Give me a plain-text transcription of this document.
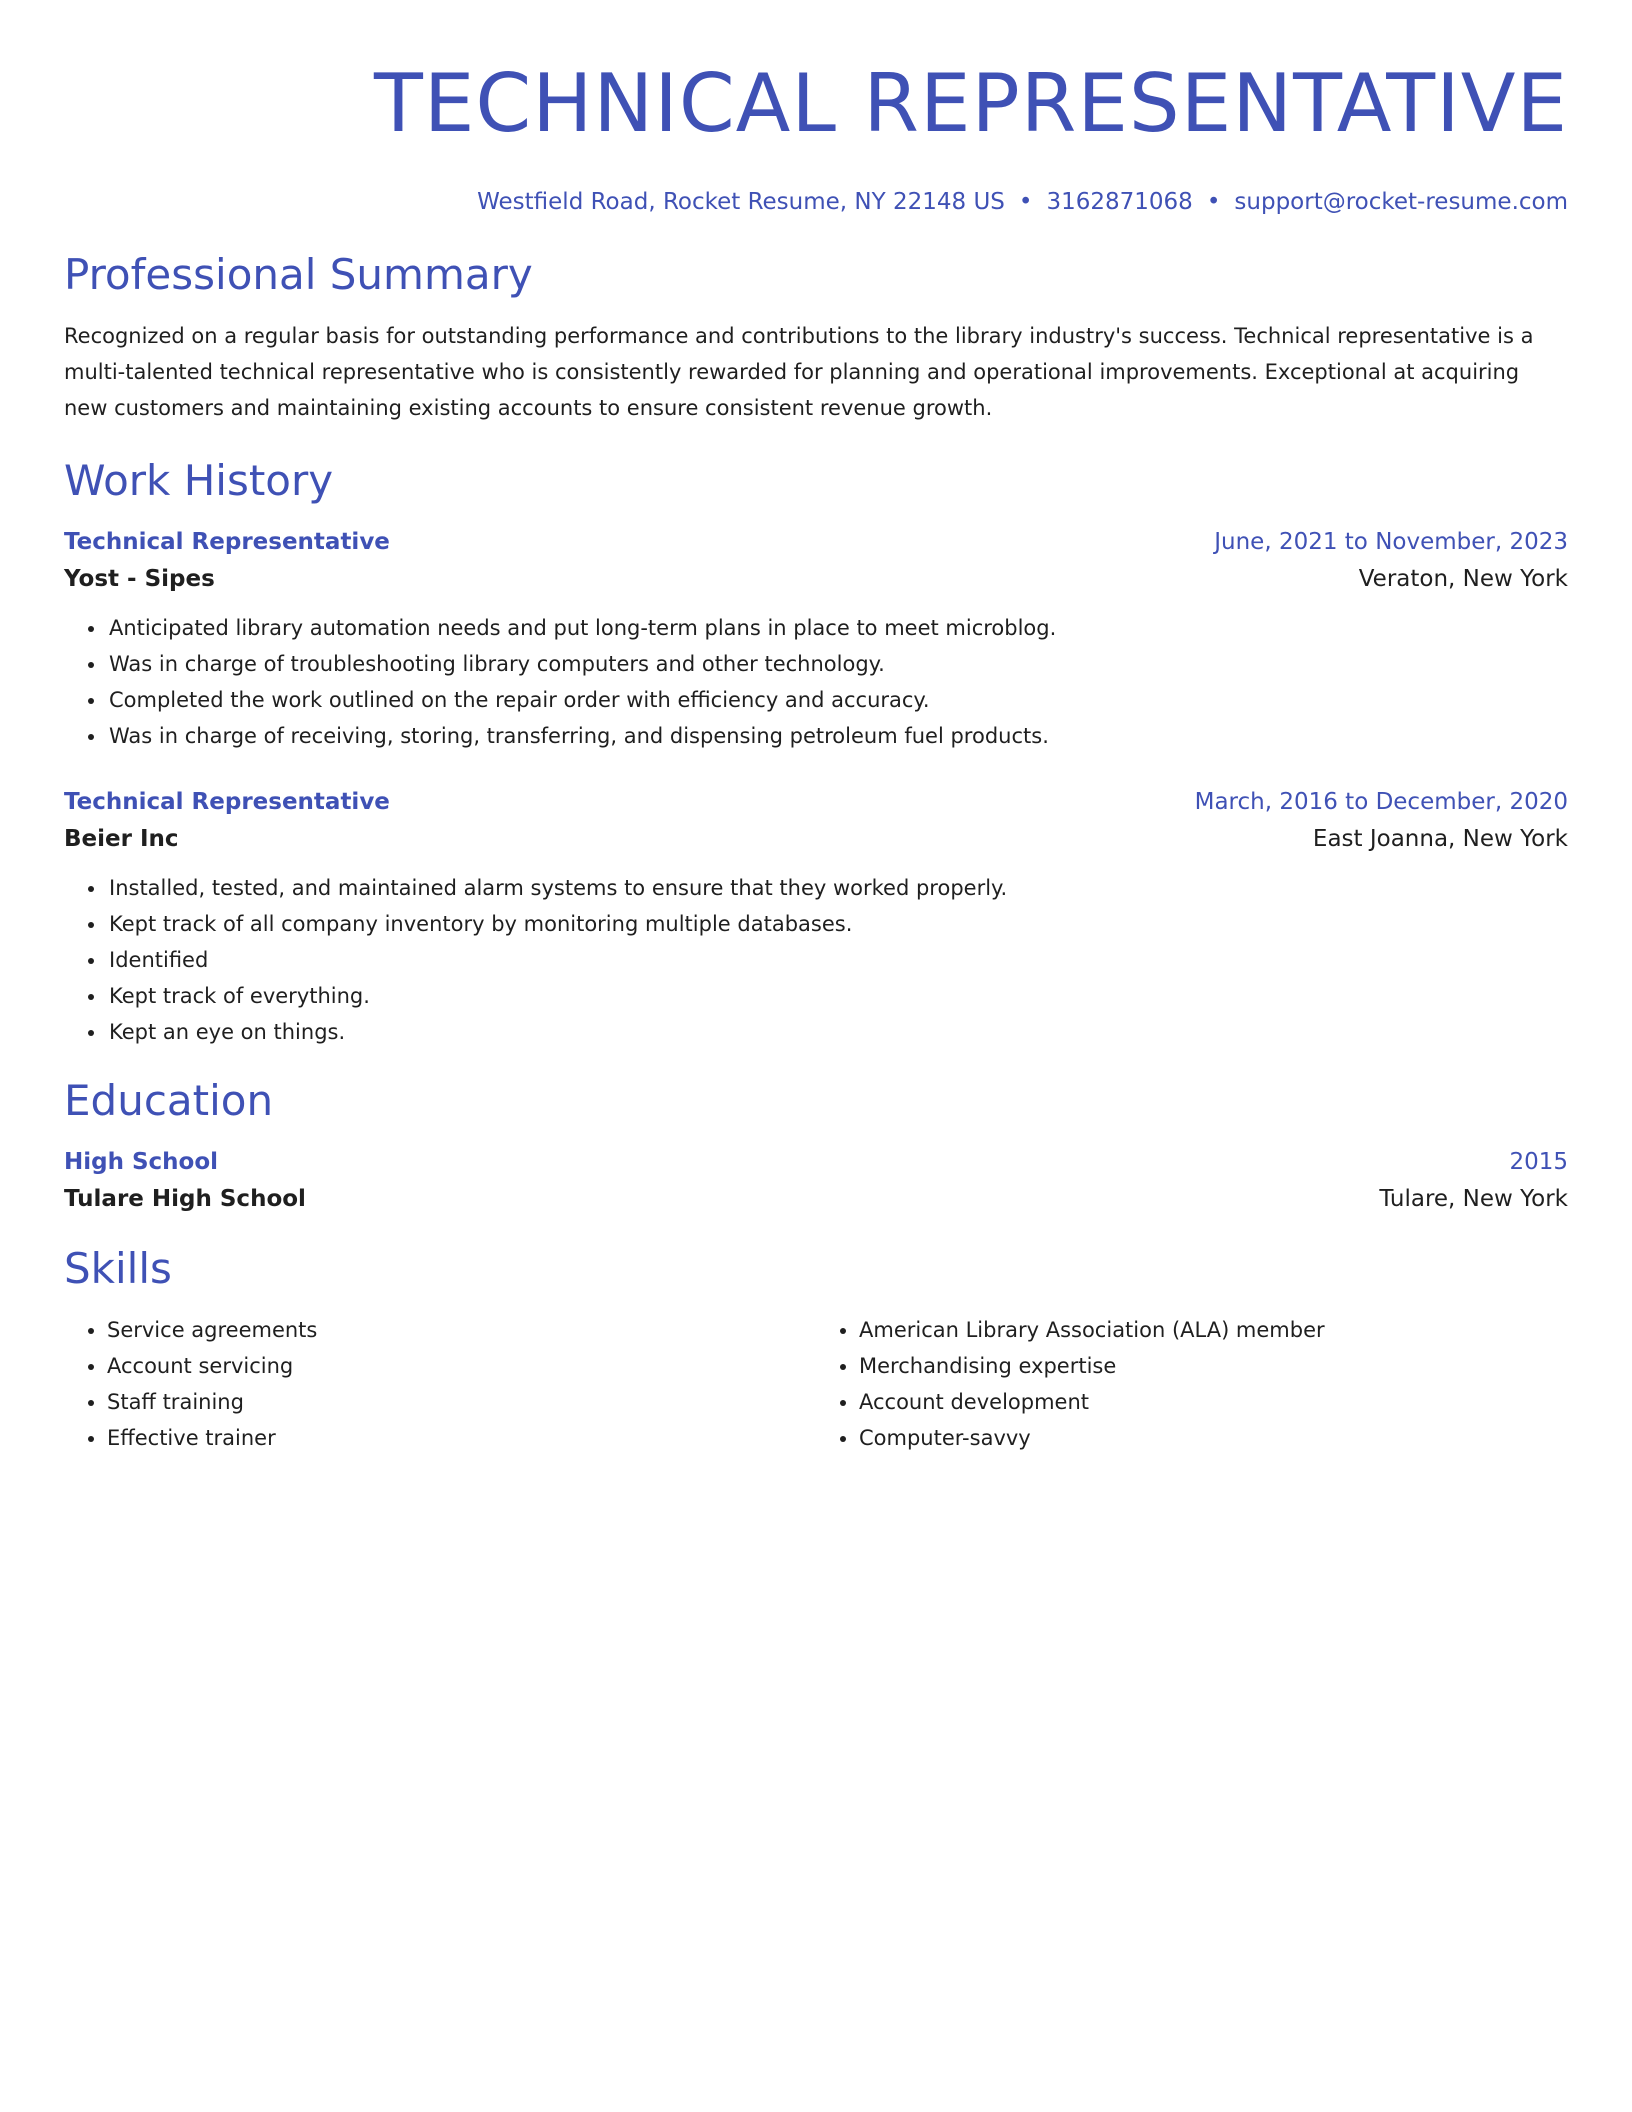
TECHNICAL REPRESENTATIVE
Westfield Road, Rocket Resume, NY 22148 US • 3162871068 • support@rocket-resume.com
Professional Summary

Recognized on a regular basis for outstanding performance and contributions to the library industry's success. Technical representative is a multi-talented technical representative who is consistently rewarded for planning and operational improvements. Exceptional at acquiring new customers and maintaining existing accounts to ensure consistent revenue growth.

Work History
Technical Representative	June, 2021 to November, 2023
Yost - Sipes	Veraton, New York
• Anticipated library automation needs and put long-term plans in place to meet microblog.
• Was in charge of troubleshooting library computers and other technology.
• Completed the work outlined on the repair order with efficiency and accuracy.
• Was in charge of receiving, storing, transferring, and dispensing petroleum fuel products.
Technical Representative	March, 2016 to December, 2020
Beier Inc	East Joanna, New York
• Installed, tested, and maintained alarm systems to ensure that they worked properly.
• Kept track of all company inventory by monitoring multiple databases.
• Identified
• Kept track of everything.
• Kept an eye on things.
Education
High School	2015
Tulare High School	Tulare, New York
Skills
• Service agreements
• Account servicing
• Staff training
• Effective trainer
• American Library Association (ALA) member
• Merchandising expertise
• Account development
• Computer-savvy
